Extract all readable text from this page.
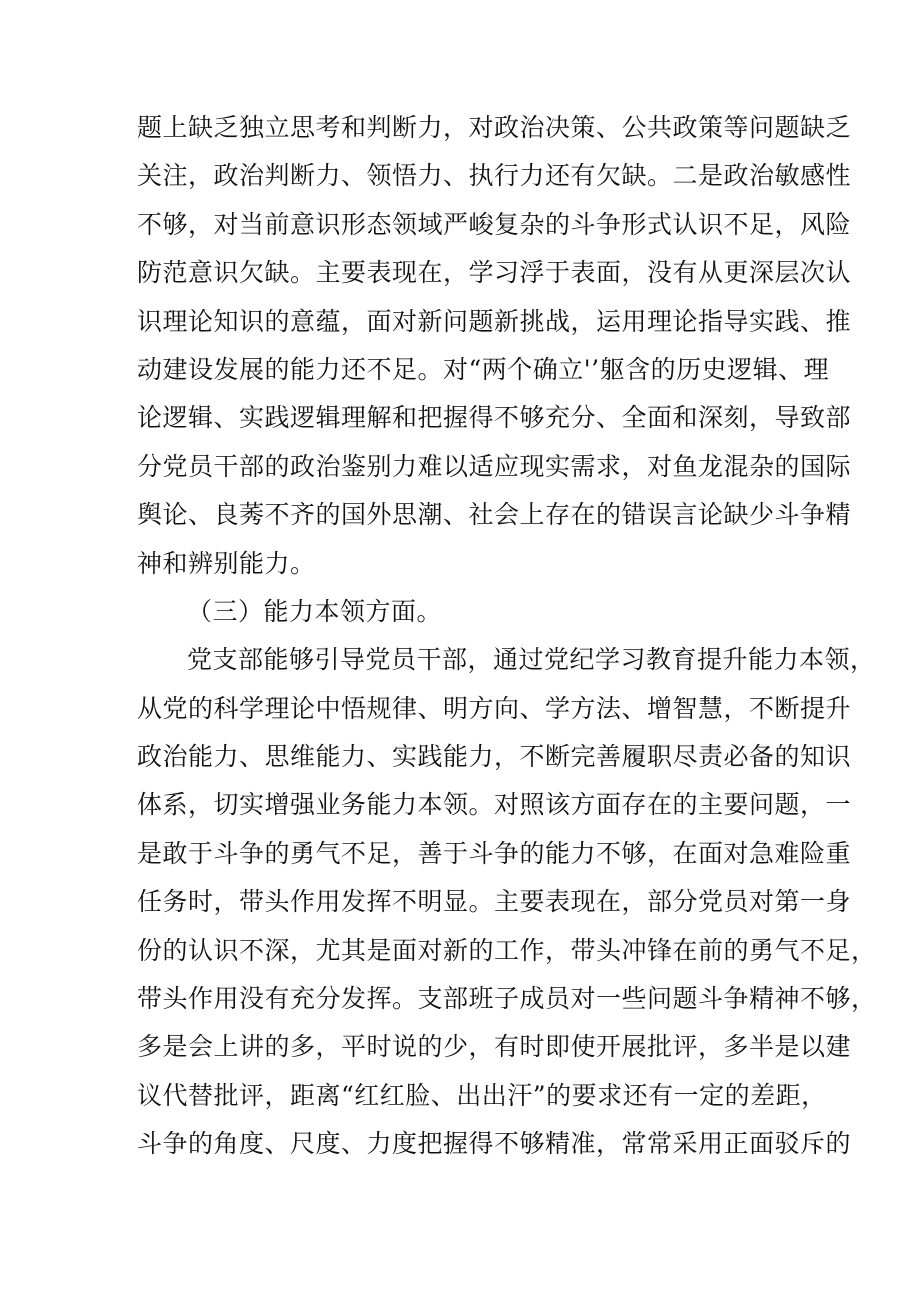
题上缺乏独立思考和判断力，对政治决策、公共政策等问题缺乏
关注，政治判断力、领悟力、执行力还有欠缺。二是政治敏感性
不够，对当前意识形态领域严峻复杂的斗争形式认识不足，风险
防范意识欠缺。主要表现在，学习浮于表面，没有从更深层次认
识理论知识的意蕴，面对新问题新挑战，运用理论指导实践、推
动建设发展的能力还不足。对“两个确立'’躯含的历史逻辑、理
论逻辑、实践逻辑理解和把握得不够充分、全面和深刻，导致部
分党员干部的政治鉴别力难以适应现实需求，对鱼龙混杂的国际
舆论、良莠不齐的国外思潮、社会上存在的错误言论缺少斗争精
神和辨别能力。
（三）能力本领方面。
党支部能够引导党员干部，通过党纪学习教育提升能力本领，
从党的科学理论中悟规律、明方向、学方法、增智慧，不断提升
政治能力、思维能力、实践能力，不断完善履职尽责必备的知识
体系，切实增强业务能力本领。对照该方面存在的主要问题，一
是敢于斗争的勇气不足，善于斗争的能力不够，在面对急难险重
任务时，带头作用发挥不明显。主要表现在，部分党员对第一身
份的认识不深，尤其是面对新的工作，带头冲锋在前的勇气不足，
带头作用没有充分发挥。支部班子成员对一些问题斗争精神不够，
多是会上讲的多，平时说的少，有时即使开展批评，多半是以建
议代替批评，距离“红红脸、出出汗”的要求还有一定的差距，
斗争的角度、尺度、力度把握得不够精准，常常采用正面驳斥的
